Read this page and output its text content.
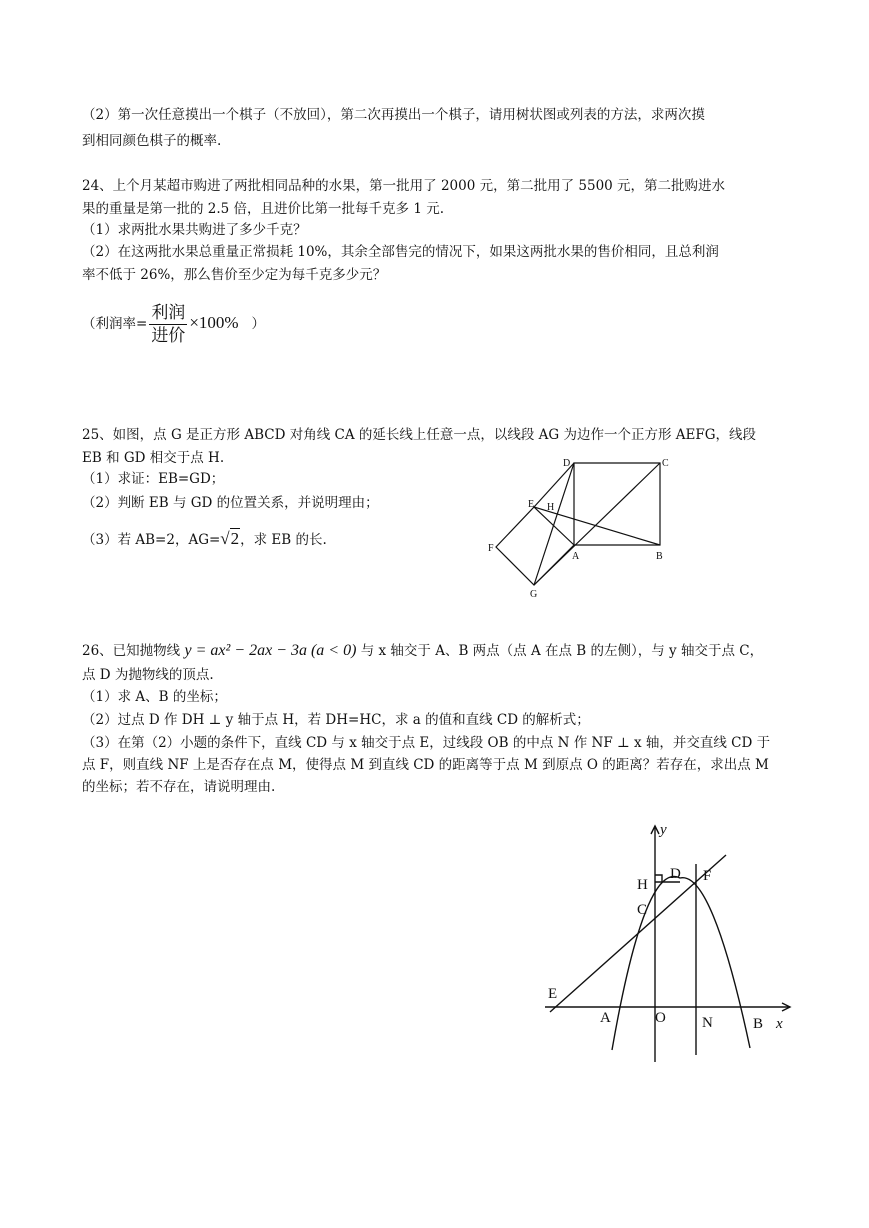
（2）第一次任意摸出一个棋子（不放回），第二次再摸出一个棋子，请用树状图或列表的方法，求两次摸
到相同颜色棋子的概率.
24、上个月某超市购进了两批相同品种的水果，第一批用了 2000 元，第二批用了 5500 元，第二批购进水
果的重量是第一批的 2.5 倍，且进价比第一批每千克多 1 元.
（1）求两批水果共购进了多少千克？
（2）在这两批水果总重量正常损耗 10%，其余全部售完的情况下，如果这两批水果的售价相同，且总利润
率不低于 26%，那么售价至少定为每千克多少元？
（利润率= $\frac{\text{利润}}{\text{进价}} \times 100\%$ ）
25、如图，点 G 是正方形 ABCD 对角线 CA 的延长线上任意一点，以线段 AG 为边作一个正方形 AEFG，线段
EB 和 GD 相交于点 H.
（1）求证：EB=GD；
（2）判断 EB 与 GD 的位置关系，并说明理由；
（3）若 AB=2，AG=√2，求 EB 的长.
D	C
E H
F
A	B
G
26、已知抛物线 y = ax² − 2ax − 3a (a < 0) 与 x 轴交于 A、B 两点（点 A 在点 B 的左侧），与 y 轴交于点 C，
点 D 为抛物线的顶点.
（1）求 A、B 的坐标；
（2）过点 D 作 DH ⊥ y 轴于点 H，若 DH=HC，求 a 的值和直线 CD 的解析式；
（3）在第（2）小题的条件下，直线 CD 与 x 轴交于点 E，过线段 OB 的中点 N 作 NF ⊥ x 轴，并交直线 CD 于
点 F，则直线 NF 上是否存在点 M，使得点 M 到直线 CD 的距离等于点 M 到原点 O 的距离？若存在，求出点 M
的坐标；若不存在，请说明理由.
y
x
H
D F
C
E
A	O N	B
